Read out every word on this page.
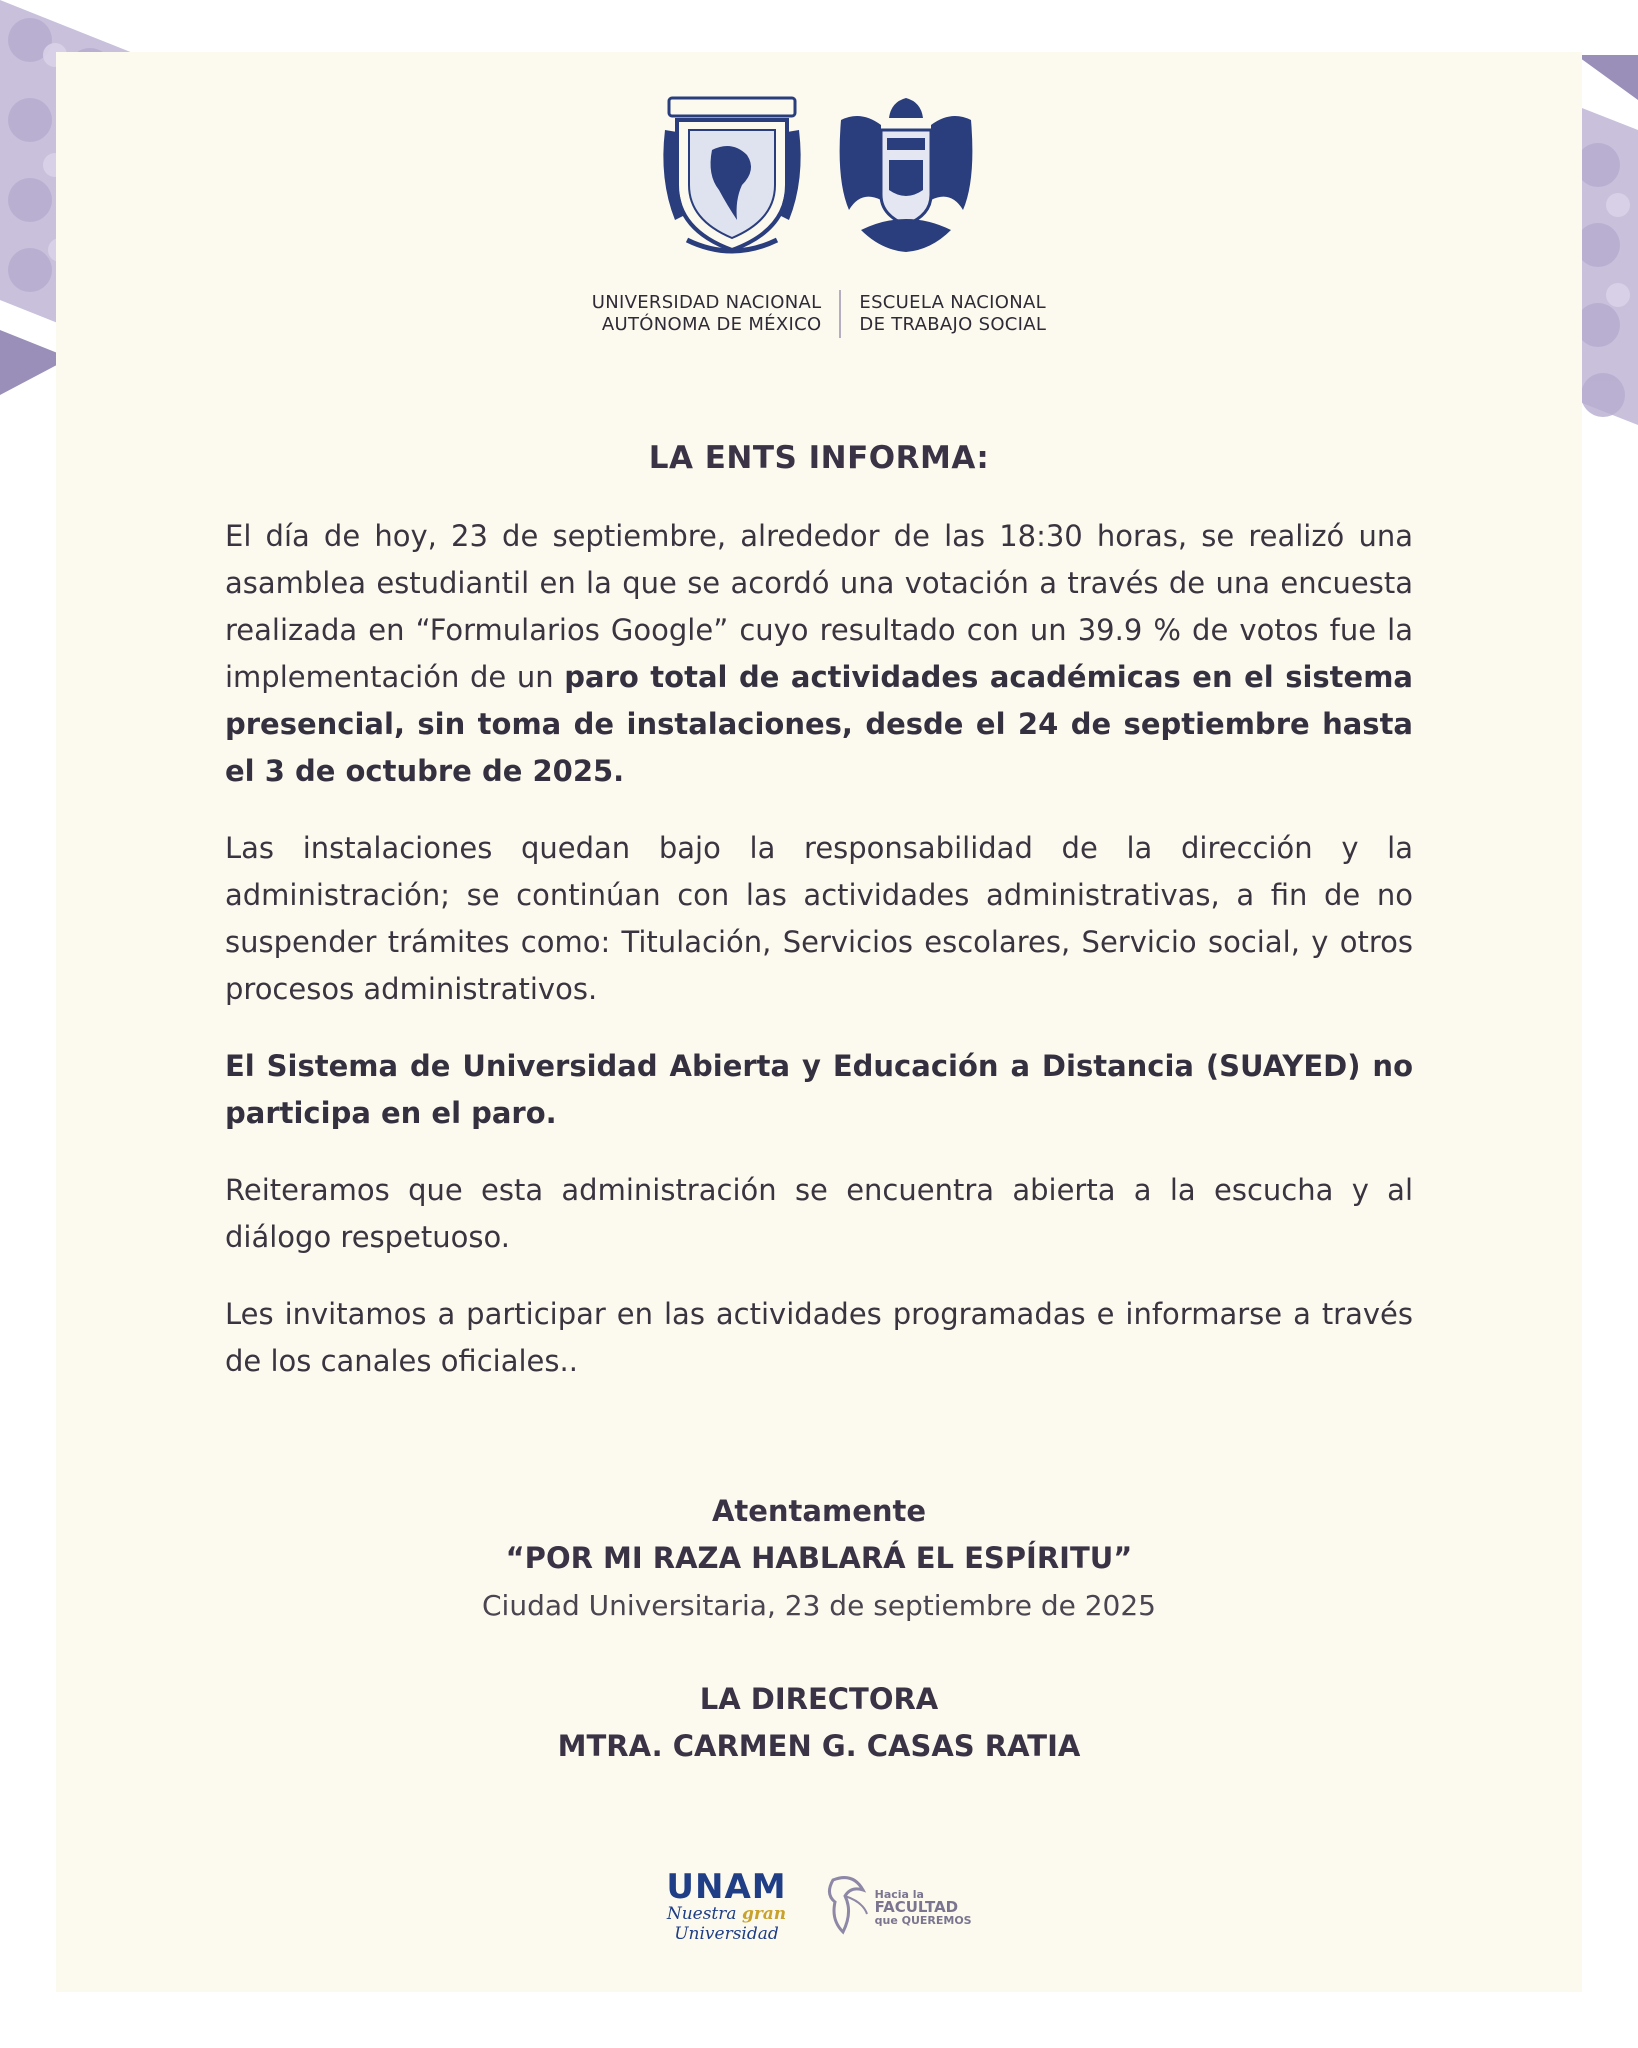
UNIVERSIDAD NACIONAL
AUTÓNOMA DE MÉXICO
ESCUELA NACIONAL
DE TRABAJO SOCIAL
LA ENTS INFORMA:

El día de hoy, 23 de septiembre, alrededor de las 18:30 horas, se realizó una asamblea estudiantil en la que se acordó una votación a través de una encuesta realizada en “Formularios Google” cuyo resultado con un 39.9 % de votos fue la implementación de un paro total de actividades académicas en el sistema presencial, sin toma de instalaciones, desde el 24 de septiembre hasta el 3 de octubre de 2025.

Las instalaciones quedan bajo la responsabilidad de la dirección y la administración; se continúan con las actividades administrativas, a fin de no suspender trámites como: Titulación, Servicios escolares, Servicio social, y otros procesos administrativos.

El Sistema de Universidad Abierta y Educación a Distancia (SUAYED) no participa en el paro.

Reiteramos que esta administración se encuentra abierta a la escucha y al diálogo respetuoso.

Les invitamos a participar en las actividades programadas e informarse a través de los canales oficiales..

Atentamente
“POR MI RAZA HABLARÁ EL ESPÍRITU”
Ciudad Universitaria, 23 de septiembre de 2025
LA DIRECTORA
MTRA. CARMEN G. CASAS RATIA
UNAM
Nuestra gran
Universidad
Hacia la
FACULTAD
que QUEREMOS
